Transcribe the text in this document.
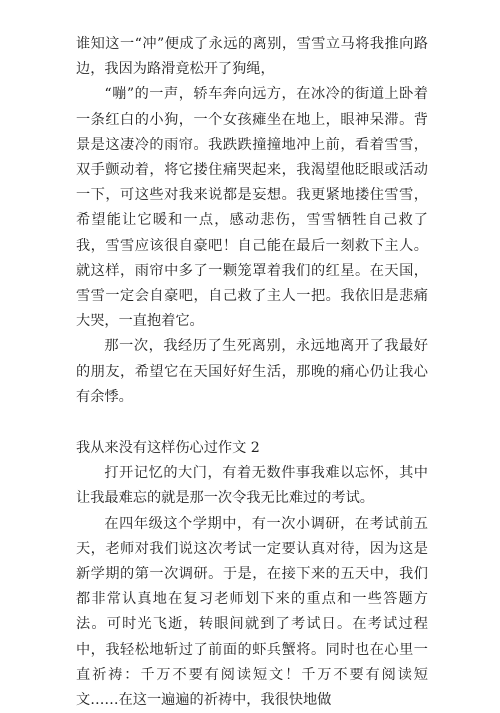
谁知这一“冲”便成了永远的离别，雪雪立马将我推向路边，我因为路滑竟松开了狗绳，

“嘣”的一声，轿车奔向远方，在冰冷的街道上卧着一条红白的小狗，一个女孩瘫坐在地上，眼神呆滞。背景是这凄冷的雨帘。我跌跌撞撞地冲上前，看着雪雪，双手颤动着，将它搂住痛哭起来，我渴望他眨眼或活动一下，可这些对我来说都是妄想。我更紧地搂住雪雪，希望能让它暖和一点，感动悲伤，雪雪牺牲自己救了我，雪雪应该很自豪吧！自己能在最后一刻救下主人。就这样，雨帘中多了一颗笼罩着我们的红星。在天国，雪雪一定会自豪吧，自己救了主人一把。我依旧是悲痛大哭，一直抱着它。

那一次，我经历了生死离别，永远地离开了我最好的朋友，希望它在天国好好生活，那晚的痛心仍让我心有余悸。

我从来没有这样伤心过作文 2

打开记忆的大门，有着无数件事我难以忘怀，其中让我最难忘的就是那一次令我无比难过的考试。

在四年级这个学期中，有一次小调研，在考试前五天，老师对我们说这次考试一定要认真对待，因为这是新学期的第一次调研。于是，在接下来的五天中，我们都非常认真地在复习老师划下来的重点和一些答题方法。可时光飞逝，转眼间就到了考试日。在考试过程中，我轻松地斩过了前面的虾兵蟹将。同时也在心里一直祈祷：千万不要有阅读短文！千万不要有阅读短文……在这一遍遍的祈祷中，我很快地做
